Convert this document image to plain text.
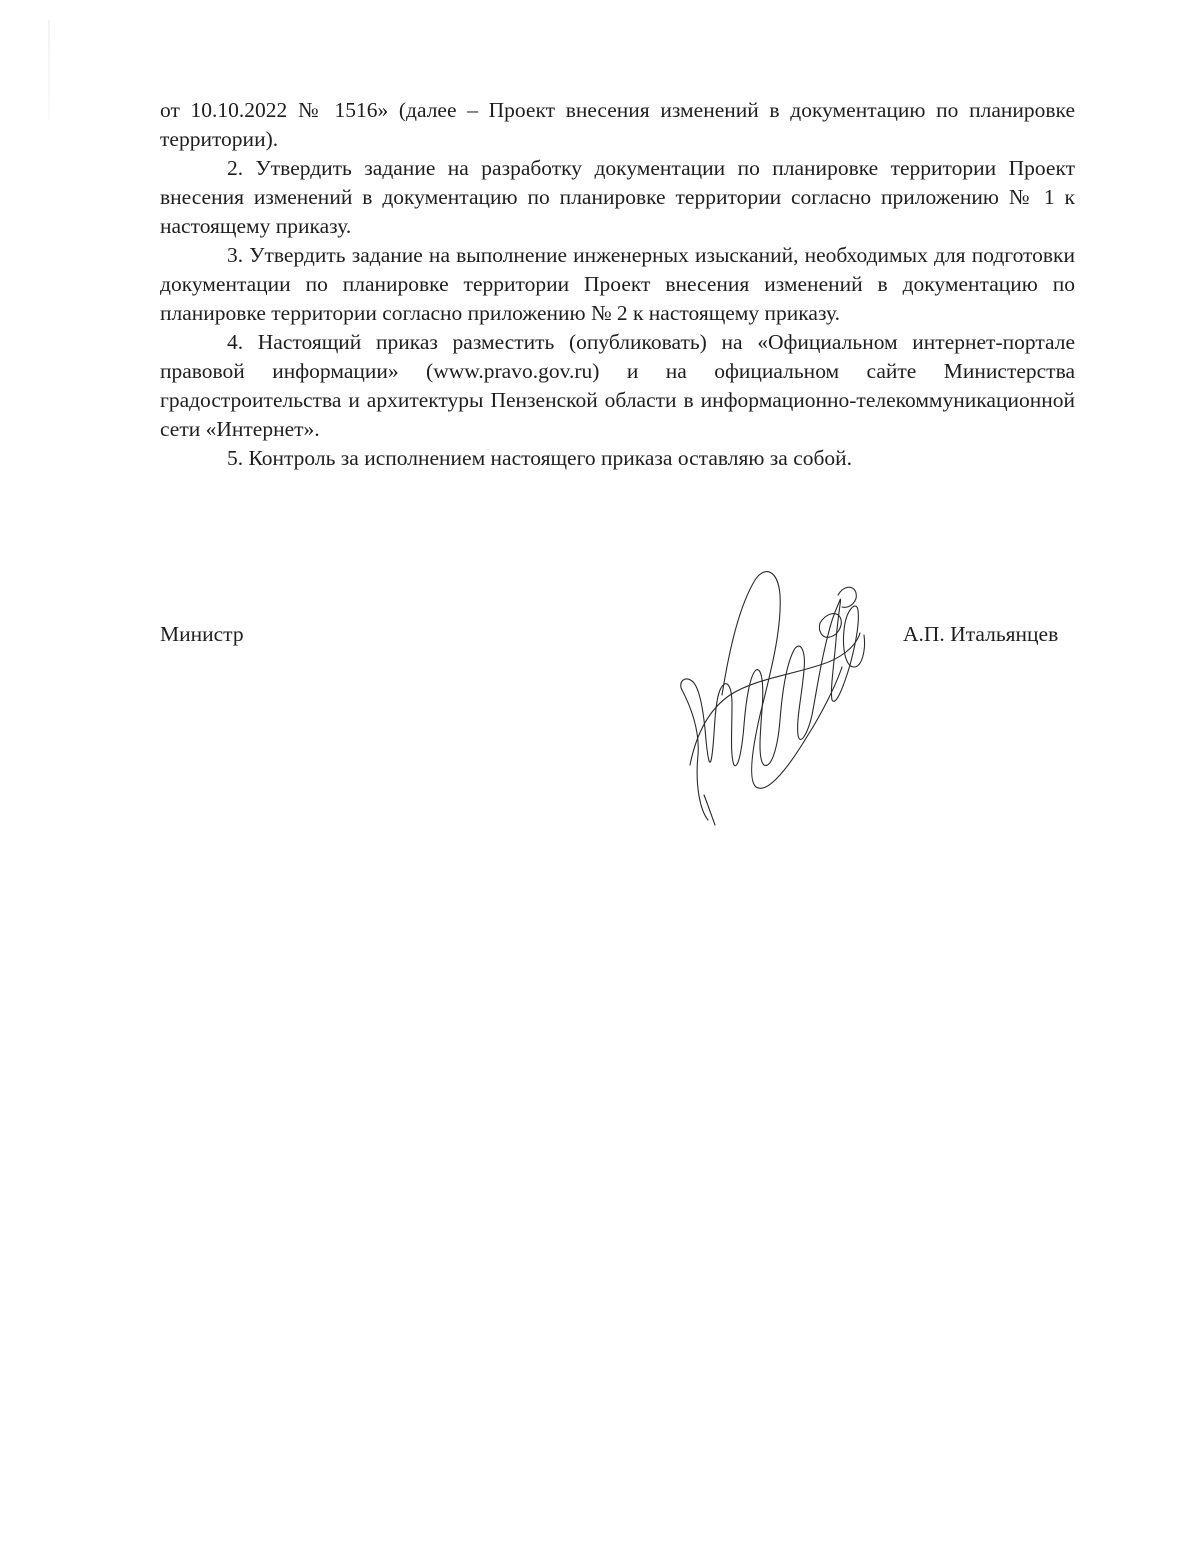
от 10.10.2022 № 1516» (далее – Проект внесения изменений в документацию по планировке территории).

2. Утвердить задание на разработку документации по планировке территории Проект внесения изменений в документацию по планировке территории согласно приложению № 1 к настоящему приказу.

3. Утвердить задание на выполнение инженерных изысканий, необходимых для подготовки документации по планировке территории Проект внесения изменений в документацию по планировке территории согласно приложению № 2 к настоящему приказу.

4. Настоящий приказ разместить (опубликовать) на «Официальном интернет-портале правовой информации» (www.pravo.gov.ru) и на официальном сайте Министерства градостроительства и архитектуры Пензенской области в информационно-телекоммуникационной сети «Интернет».

5. Контроль за исполнением настоящего приказа оставляю за собой.

Министр	А.П. Итальянцев
